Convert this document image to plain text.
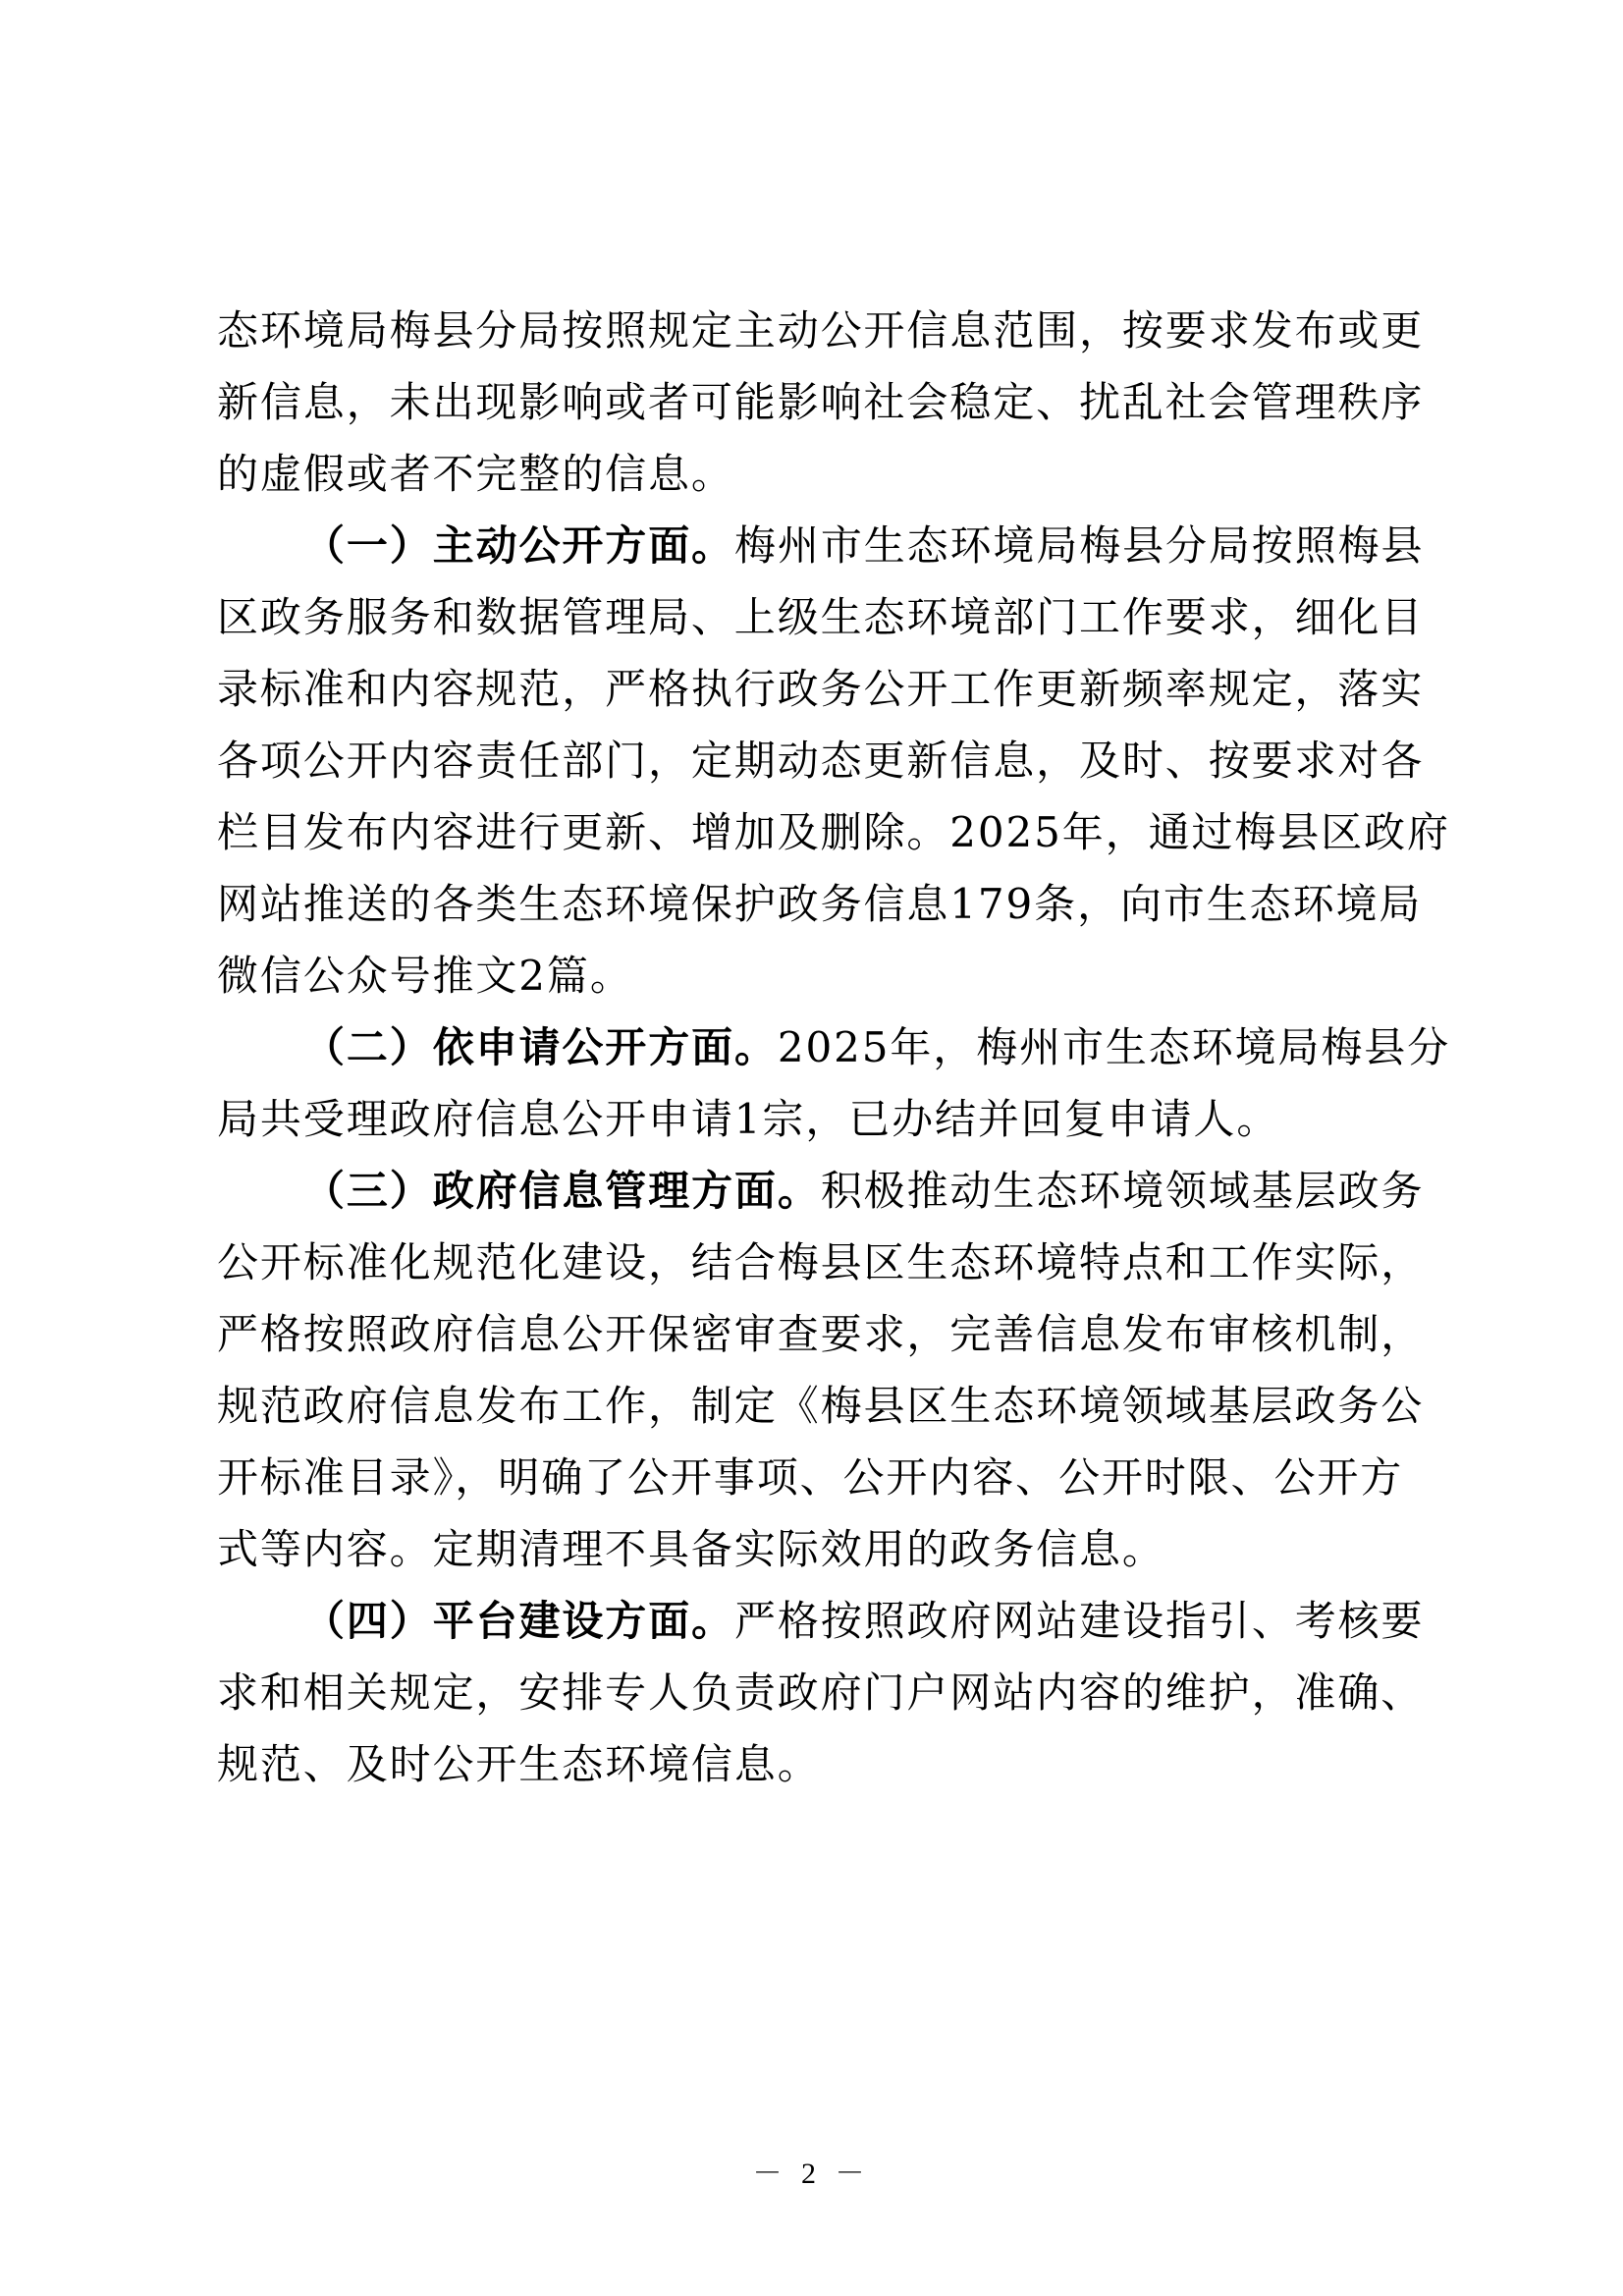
态环境局梅县分局按照规定主动公开信息范围，按要求发布或更
新信息，未出现影响或者可能影响社会稳定、扰乱社会管理秩序
的虚假或者不完整的信息。
（一）主动公开方面。梅州市生态环境局梅县分局按照梅县
区政务服务和数据管理局、上级生态环境部门工作要求，细化目
录标准和内容规范，严格执行政务公开工作更新频率规定，落实
各项公开内容责任部门，定期动态更新信息，及时、按要求对各
栏目发布内容进行更新、增加及删除。2025年，通过梅县区政府
网站推送的各类生态环境保护政务信息179条，向市生态环境局
微信公众号推文2篇。
（二）依申请公开方面。2025年，梅州市生态环境局梅县分
局共受理政府信息公开申请1宗，已办结并回复申请人。
（三）政府信息管理方面。积极推动生态环境领域基层政务
公开标准化规范化建设，结合梅县区生态环境特点和工作实际，
严格按照政府信息公开保密审查要求，完善信息发布审核机制，
规范政府信息发布工作，制定《梅县区生态环境领域基层政务公
开标准目录》，明确了公开事项、公开内容、公开时限、公开方
式等内容。定期清理不具备实际效用的政务信息。
（四）平台建设方面。严格按照政府网站建设指引、考核要
求和相关规定，安排专人负责政府门户网站内容的维护，准确、
规范、及时公开生态环境信息。
－ 2 －
